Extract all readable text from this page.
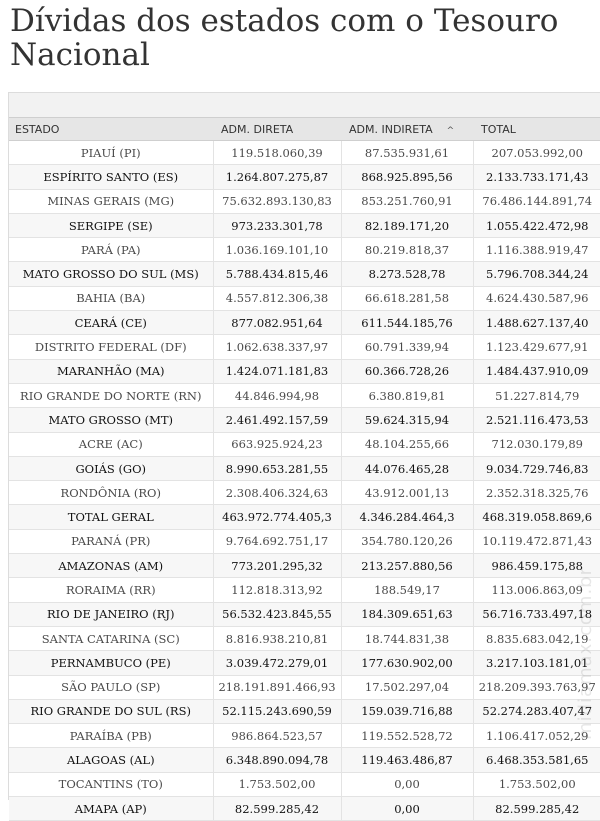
Dívidas dos estados com o Tesouro Nacional
ESTADO	ADM. DIRETA	ADM. INDIRETA ^	TOTAL
PIAUÍ (PI)	119.518.060,39	87.535.931,61	207.053.992,00
ESPÍRITO SANTO (ES)	1.264.807.275,87	868.925.895,56	2.133.733.171,43
MINAS GERAIS (MG)	75.632.893.130,83	853.251.760,91	76.486.144.891,74
SERGIPE (SE)	973.233.301,78	82.189.171,20	1.055.422.472,98
PARÁ (PA)	1.036.169.101,10	80.219.818,37	1.116.388.919,47
MATO GROSSO DO SUL (MS)	5.788.434.815,46	8.273.528,78	5.796.708.344,24
BAHIA (BA)	4.557.812.306,38	66.618.281,58	4.624.430.587,96
CEARÁ (CE)	877.082.951,64	611.544.185,76	1.488.627.137,40
DISTRITO FEDERAL (DF)	1.062.638.337,97	60.791.339,94	1.123.429.677,91
MARANHÃO (MA)	1.424.071.181,83	60.366.728,26	1.484.437.910,09
RIO GRANDE DO NORTE (RN)	44.846.994,98	6.380.819,81	51.227.814,79
MATO GROSSO (MT)	2.461.492.157,59	59.624.315,94	2.521.116.473,53
ACRE (AC)	663.925.924,23	48.104.255,66	712.030.179,89
GOIÁS (GO)	8.990.653.281,55	44.076.465,28	9.034.729.746,83
RONDÔNIA (RO)	2.308.406.324,63	43.912.001,13	2.352.318.325,76
TOTAL GERAL	463.972.774.405,3	4.346.284.464,3	468.319.058.869,6
PARANÁ (PR)	9.764.692.751,17	354.780.120,26	10.119.472.871,43
AMAZONAS (AM)	773.201.295,32	213.257.880,56	986.459.175,88
RORAIMA (RR)	112.818.313,92	188.549,17	113.006.863,09
RIO DE JANEIRO (RJ)	56.532.423.845,55	184.309.651,63	56.716.733.497,18
SANTA CATARINA (SC)	8.816.938.210,81	18.744.831,38	8.835.683.042,19
PERNAMBUCO (PE)	3.039.472.279,01	177.630.902,00	3.217.103.181,01
SÃO PAULO (SP)	218.191.891.466,93	17.502.297,04	218.209.393.763,97
RIO GRANDE DO SUL (RS)	52.115.243.690,59	159.039.716,88	52.274.283.407,47
PARAÍBA (PB)	986.864.523,57	119.552.528,72	1.106.417.052,29
ALAGOAS (AL)	6.348.890.094,78	119.463.486,87	6.468.353.581,65
TOCANTINS (TO)	1.753.502,00	0,00	1.753.502,00
AMAPA (AP)	82.599.285,42	0,00	82.599.285,42
midiamax.com.br
